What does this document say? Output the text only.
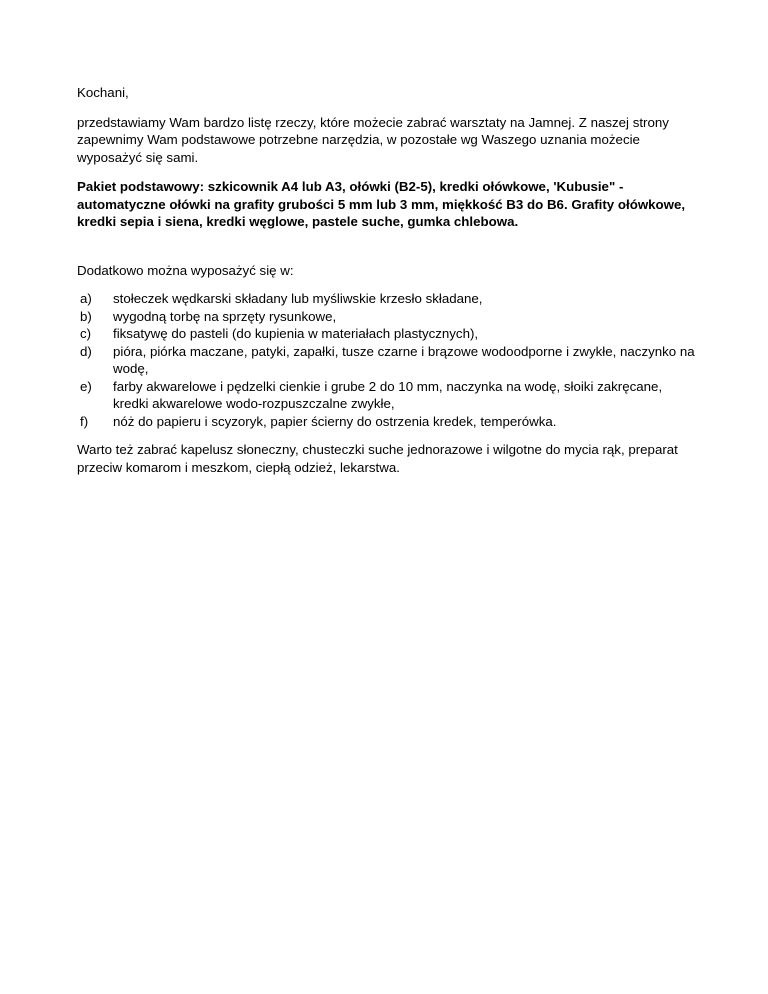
Kochani,

przedstawiamy Wam bardzo listę rzeczy, które możecie zabrać warsztaty na Jamnej. Z naszej strony zapewnimy Wam podstawowe potrzebne narzędzia, w pozostałe wg Waszego uznania możecie wyposażyć się sami.

Pakiet podstawowy: szkicownik A4 lub A3, ołówki (B2-5), kredki ołówkowe, 'Kubusie" - automatyczne ołówki na grafity grubości 5 mm lub 3 mm, miękkość B3 do B6. Grafity ołówkowe, kredki sepia i siena, kredki węglowe, pastele suche, gumka chlebowa.

Dodatkowo można wyposażyć się w:

a) stołeczek wędkarski składany lub myśliwskie krzesło składane,
b) wygodną torbę na sprzęty rysunkowe,
c) fiksatywę do pasteli (do kupienia w materiałach plastycznych),
d) pióra, piórka maczane, patyki, zapałki, tusze czarne i brązowe wodoodporne i zwykłe, naczynko na wodę,
e) farby akwarelowe i pędzelki cienkie i grube 2 do 10 mm, naczynka na wodę, słoiki zakręcane, kredki akwarelowe wodo-rozpuszczalne zwykłe,
f)	nóż do papieru i scyzoryk, papier ścierny do ostrzenia kredek, temperówka.

Warto też zabrać kapelusz słoneczny, chusteczki suche jednorazowe i wilgotne do mycia rąk, preparat przeciw komarom i meszkom, ciepłą odzież, lekarstwa.
